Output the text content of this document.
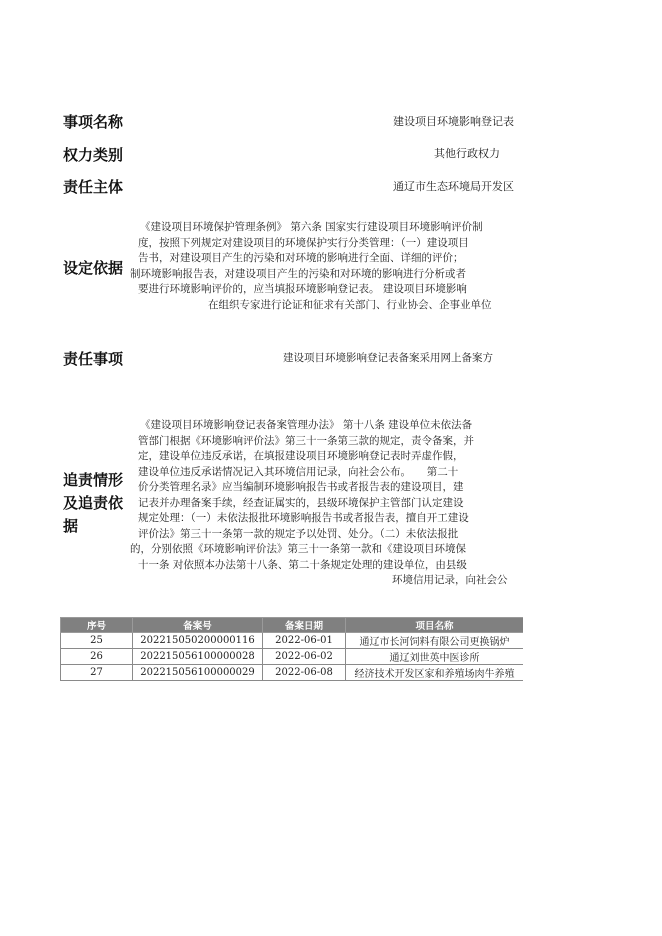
事项名称	建设项目环境影响登记表
权力类别	其他行政权力
责任主体	通辽市生态环境局开发区
设定依据
《建设项目环境保护管理条例》 第六条 国家实行建设项目环境影响评价制
度，按照下列规定对建设项目的环境保护实行分类管理：（一）建设项目
告书，对建设项目产生的污染和对环境的影响进行全面、详细的评价；
制环境影响报告表，对建设项目产生的污染和对环境的影响进行分析或者
要进行环境影响评价的，应当填报环境影响登记表。 建设项目环境影响
在组织专家进行论证和征求有关部门、行业协会、企事业单位
责任事项	建设项目环境影响登记表备案采用网上备案方
追责情形
及追责依
据
《建设项目环境影响登记表备案管理办法》 第十八条 建设单位未依法备
管部门根据《环境影响评价法》第三十一条第三款的规定，责令备案，并
定，建设单位违反承诺，在填报建设项目环境影响登记表时弄虚作假，
建设单位违反承诺情况记入其环境信用记录，向社会公布。　　第二十
价分类管理名录》应当编制环境影响报告书或者报告表的建设项目，建
记表并办理备案手续，经查证属实的，县级环境保护主管部门认定建设
规定处理：（一）未依法报批环境影响报告书或者报告表，擅自开工建设
评价法》第三十一条第一款的规定予以处罚、处分。（二）未依法报批
的，分别依照《环境影响评价法》第三十一条第一款和《建设项目环境保
十一条 对依照本办法第十八条、第二十条规定处理的建设单位，由县级
环境信用记录，向社会公
序号	备案号	备案日期	项目名称
25	202215050200000116	2022-06-01	通辽市长河饲料有限公司更换锅炉
26	202215056100000028	2022-06-02	通辽刘世英中医诊所
27	202215056100000029	2022-06-08	经济技术开发区家和养殖场肉牛养殖
